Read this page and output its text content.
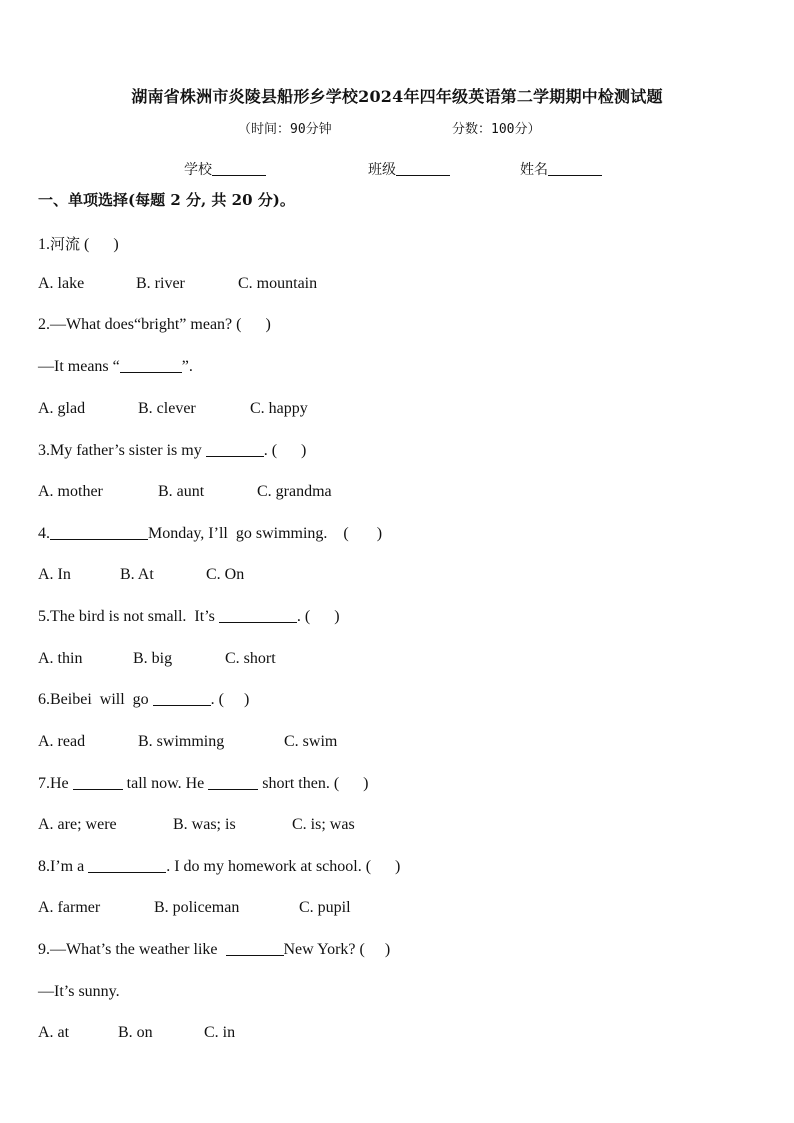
湖南省株洲市炎陵县船形乡学校2024年四年级英语第二学期期中检测试题
（时间：90分钟	分数：100分）
学校	班级	姓名
一、单项选择(每题 2 分, 共 20 分)。
1.河流 (      )
A. lake	B. river	C. mountain
2.—What does“bright” mean? (      )
—It means “	”.
A. glad	B. clever	C. happy
3.My father’s sister is my	. (      )
A. mother	B. aunt	C. grandma
4.	Monday, I’ll  go swimming.    (       )
A. In	B. At	C. On
5.The bird is not small.  It’s	. (      )
A. thin	B. big	C. short
6.Beibei  will  go	. (     )
A. read	B. swimming	C. swim
7.He	tall now. He	short then. (      )
A. are; were	B. was; is	C. is; was
8.I’m a	. I do my homework at school. (      )
A. farmer	B. policeman	C. pupil
9.—What’s the weather like	New York? (     )
—It’s sunny.
A. at	B. on	C. in
